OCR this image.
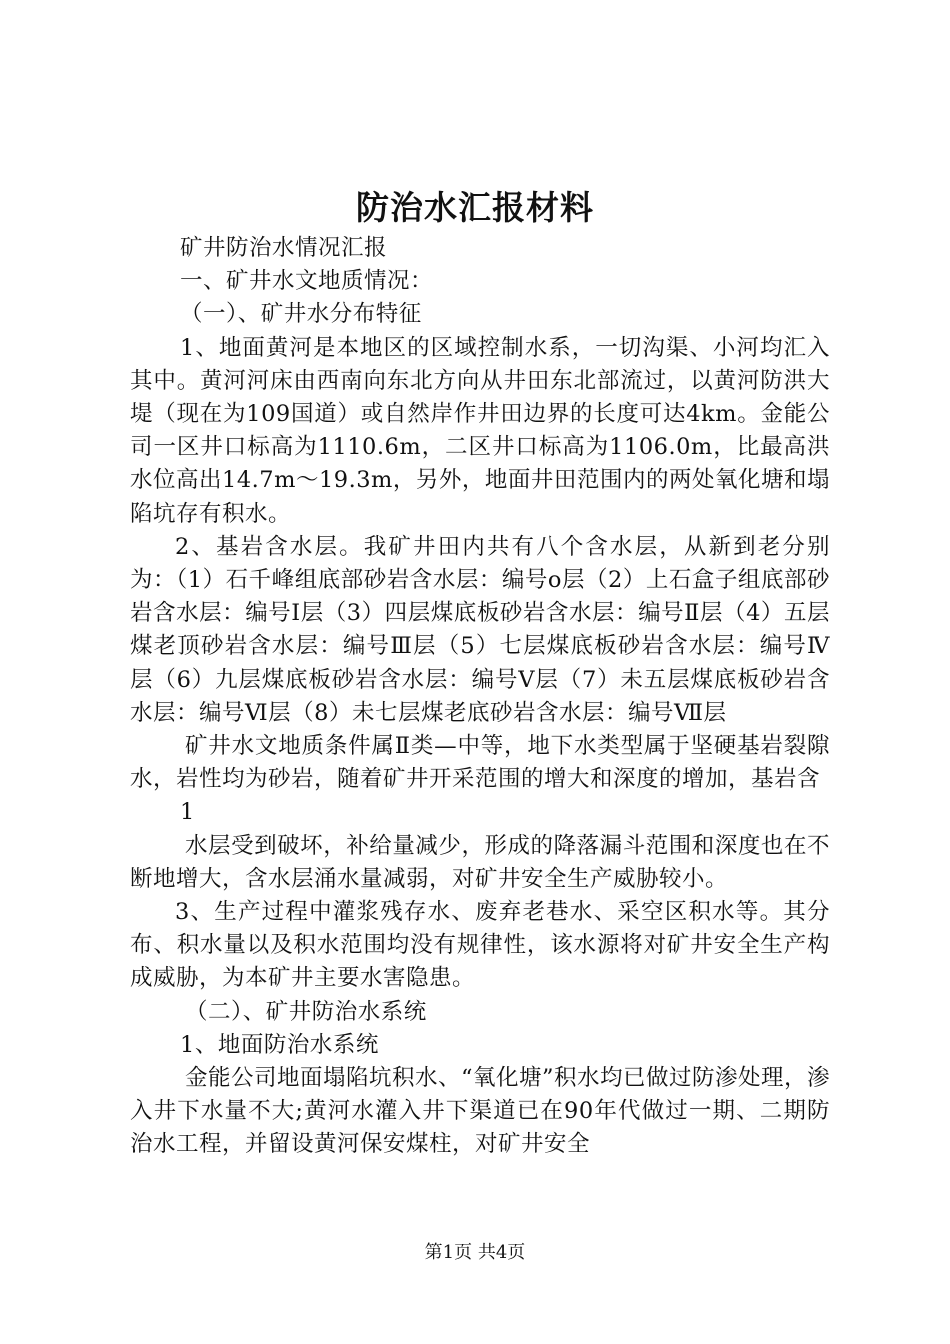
防治水汇报材料

矿井防治水情况汇报

一、矿井水文地质情况：

（一）、矿井水分布特征

1、地面黄河是本地区的区域控制水系，一切沟渠、小河均汇入其中。黄河河床由西南向东北方向从井田东北部流过，以黄河防洪大堤（现在为109国道）或自然岸作井田边界的长度可达4km。金能公司一区井口标高为1110.6m，二区井口标高为1106.0m，比最高洪水位高出14.7m～19.3m，另外，地面井田范围内的两处氧化塘和塌陷坑存有积水。

2、基岩含水层。我矿井田内共有八个含水层，从新到老分别为：（1）石千峰组底部砂岩含水层：编号o层（2）上石盒子组底部砂岩含水层：编号Ⅰ层（3）四层煤底板砂岩含水层：编号Ⅱ层（4）五层煤老顶砂岩含水层：编号Ⅲ层（5）七层煤底板砂岩含水层：编号Ⅳ层（6）九层煤底板砂岩含水层：编号Ⅴ层（7）未五层煤底板砂岩含水层：编号Ⅵ层（8）未七层煤老底砂岩含水层：编号Ⅶ层

矿井水文地质条件属Ⅱ类—中等，地下水类型属于坚硬基岩裂隙水，岩性均为砂岩，随着矿井开采范围的增大和深度的增加，基岩含

1

水层受到破坏，补给量减少，形成的降落漏斗范围和深度也在不断地增大，含水层涌水量减弱，对矿井安全生产威胁较小。

3、生产过程中灌浆残存水、废弃老巷水、采空区积水等。其分布、积水量以及积水范围均没有规律性，该水源将对矿井安全生产构成威胁，为本矿井主要水害隐患。

（二）、矿井防治水系统

1、地面防治水系统

金能公司地面塌陷坑积水、“氧化塘”积水均已做过防渗处理，渗入井下水量不大;黄河水灌入井下渠道已在90年代做过一期、二期防治水工程，并留设黄河保安煤柱，对矿井安全

第1页 共4页
